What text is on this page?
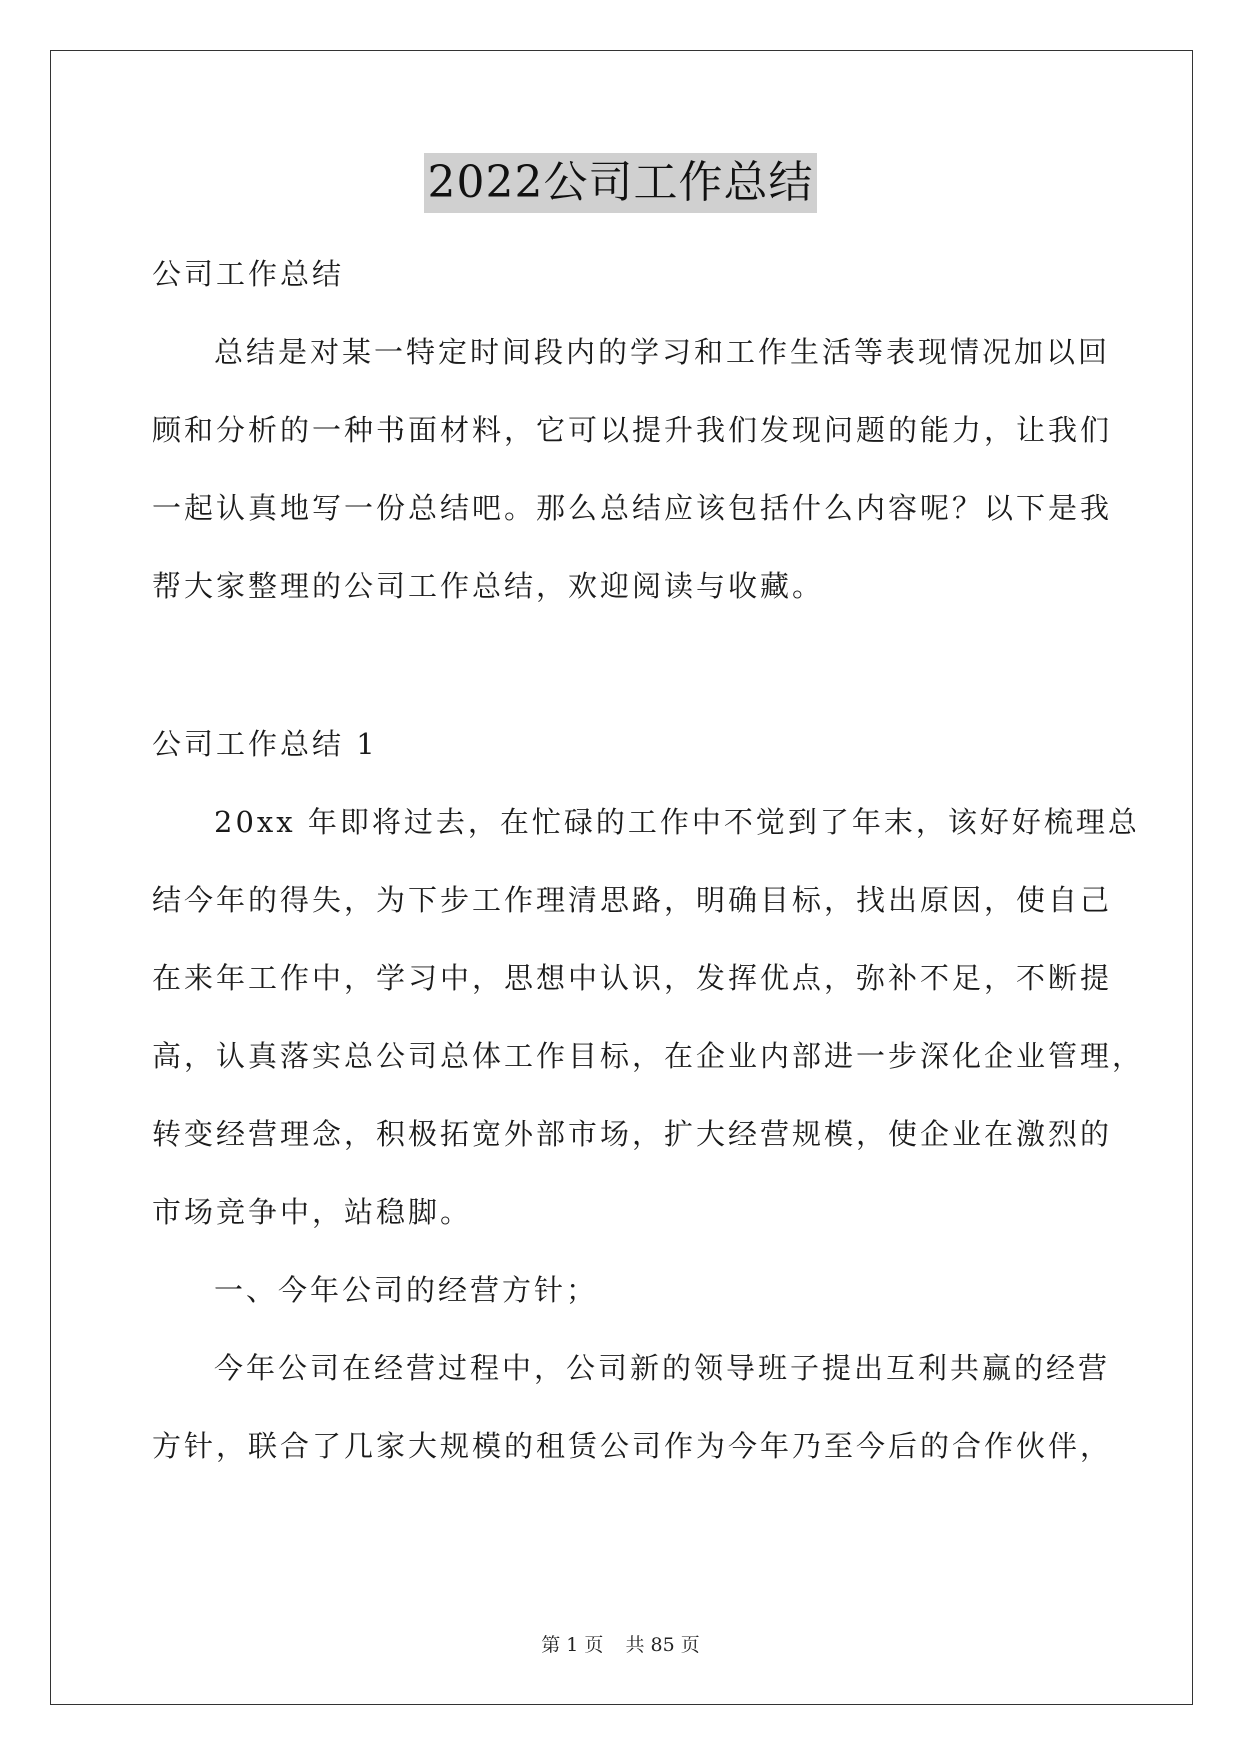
2022公司工作总结
公司工作总结
总结是对某一特定时间段内的学习和工作生活等表现情况加以回
顾和分析的一种书面材料，它可以提升我们发现问题的能力，让我们
一起认真地写一份总结吧。那么总结应该包括什么内容呢？以下是我
帮大家整理的公司工作总结，欢迎阅读与收藏。
公司工作总结 1
20xx 年即将过去，在忙碌的工作中不觉到了年末，该好好梳理总
结今年的得失，为下步工作理清思路，明确目标，找出原因，使自己
在来年工作中，学习中，思想中认识，发挥优点，弥补不足，不断提
高，认真落实总公司总体工作目标，在企业内部进一步深化企业管理，
转变经营理念，积极拓宽外部市场，扩大经营规模，使企业在激烈的
市场竞争中，站稳脚。
一、今年公司的经营方针；
今年公司在经营过程中，公司新的领导班子提出互利共赢的经营
方针，联合了几家大规模的租赁公司作为今年乃至今后的合作伙伴，
第 1 页 共 85 页
